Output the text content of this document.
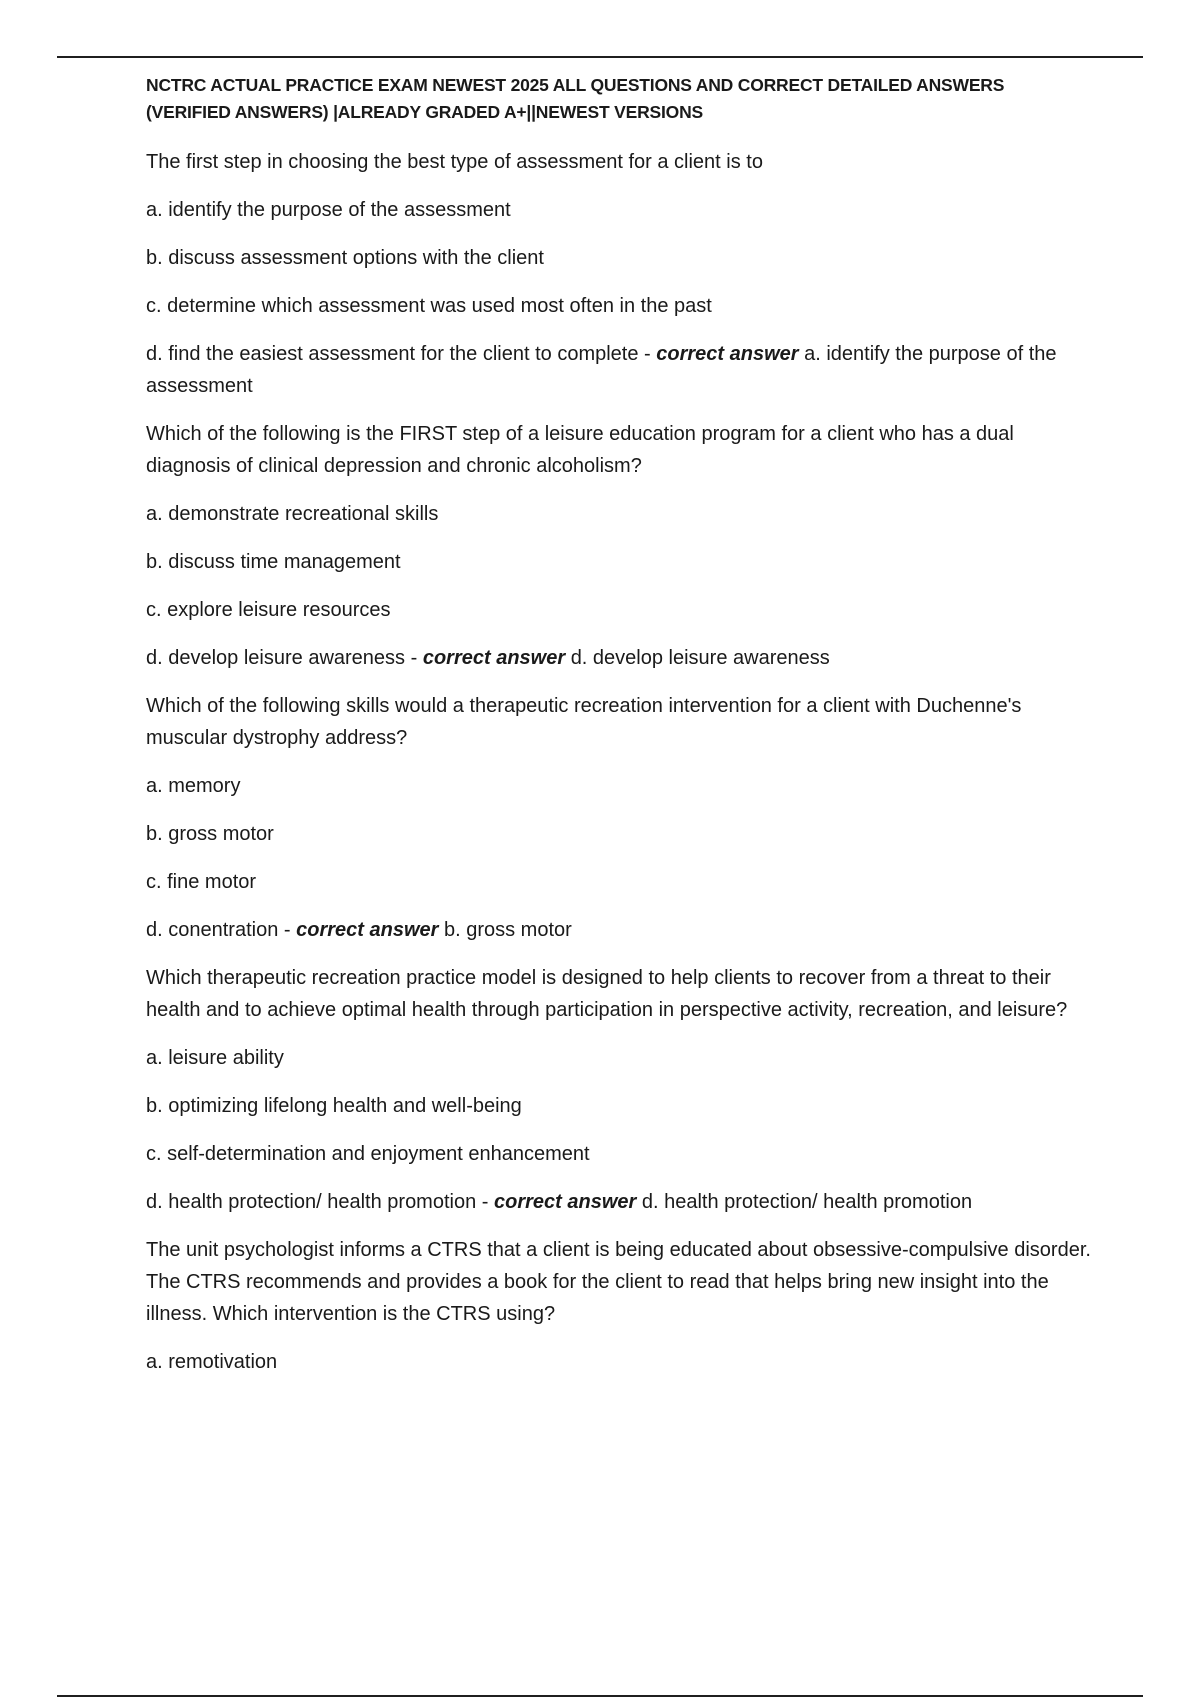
NCTRC ACTUAL PRACTICE EXAM NEWEST 2025 ALL QUESTIONS AND CORRECT DETAILED ANSWERS
(VERIFIED ANSWERS) |ALREADY GRADED A+||NEWEST VERSIONS

The first step in choosing the best type of assessment for a client is to

a. identify the purpose of the assessment

b. discuss assessment options with the client

c. determine which assessment was used most often in the past

d. find the easiest assessment for the client to complete - correct answer a. identify the purpose of the assessment

Which of the following is the FIRST step of a leisure education program for a client who has a dual diagnosis of clinical depression and chronic alcoholism?

a. demonstrate recreational skills

b. discuss time management

c. explore leisure resources

d. develop leisure awareness - correct answer d. develop leisure awareness

Which of the following skills would a therapeutic recreation intervention for a client with Duchenne's muscular dystrophy address?

a. memory

b. gross motor

c. fine motor

d. conentration - correct answer b. gross motor

Which therapeutic recreation practice model is designed to help clients to recover from a threat to their health and to achieve optimal health through participation in perspective activity, recreation, and leisure?

a. leisure ability

b. optimizing lifelong health and well-being

c. self-determination and enjoyment enhancement

d. health protection/ health promotion - correct answer d. health protection/ health promotion

The unit psychologist informs a CTRS that a client is being educated about obsessive-compulsive disorder. The CTRS recommends and provides a book for the client to read that helps bring new insight into the illness. Which intervention is the CTRS using?

a. remotivation
